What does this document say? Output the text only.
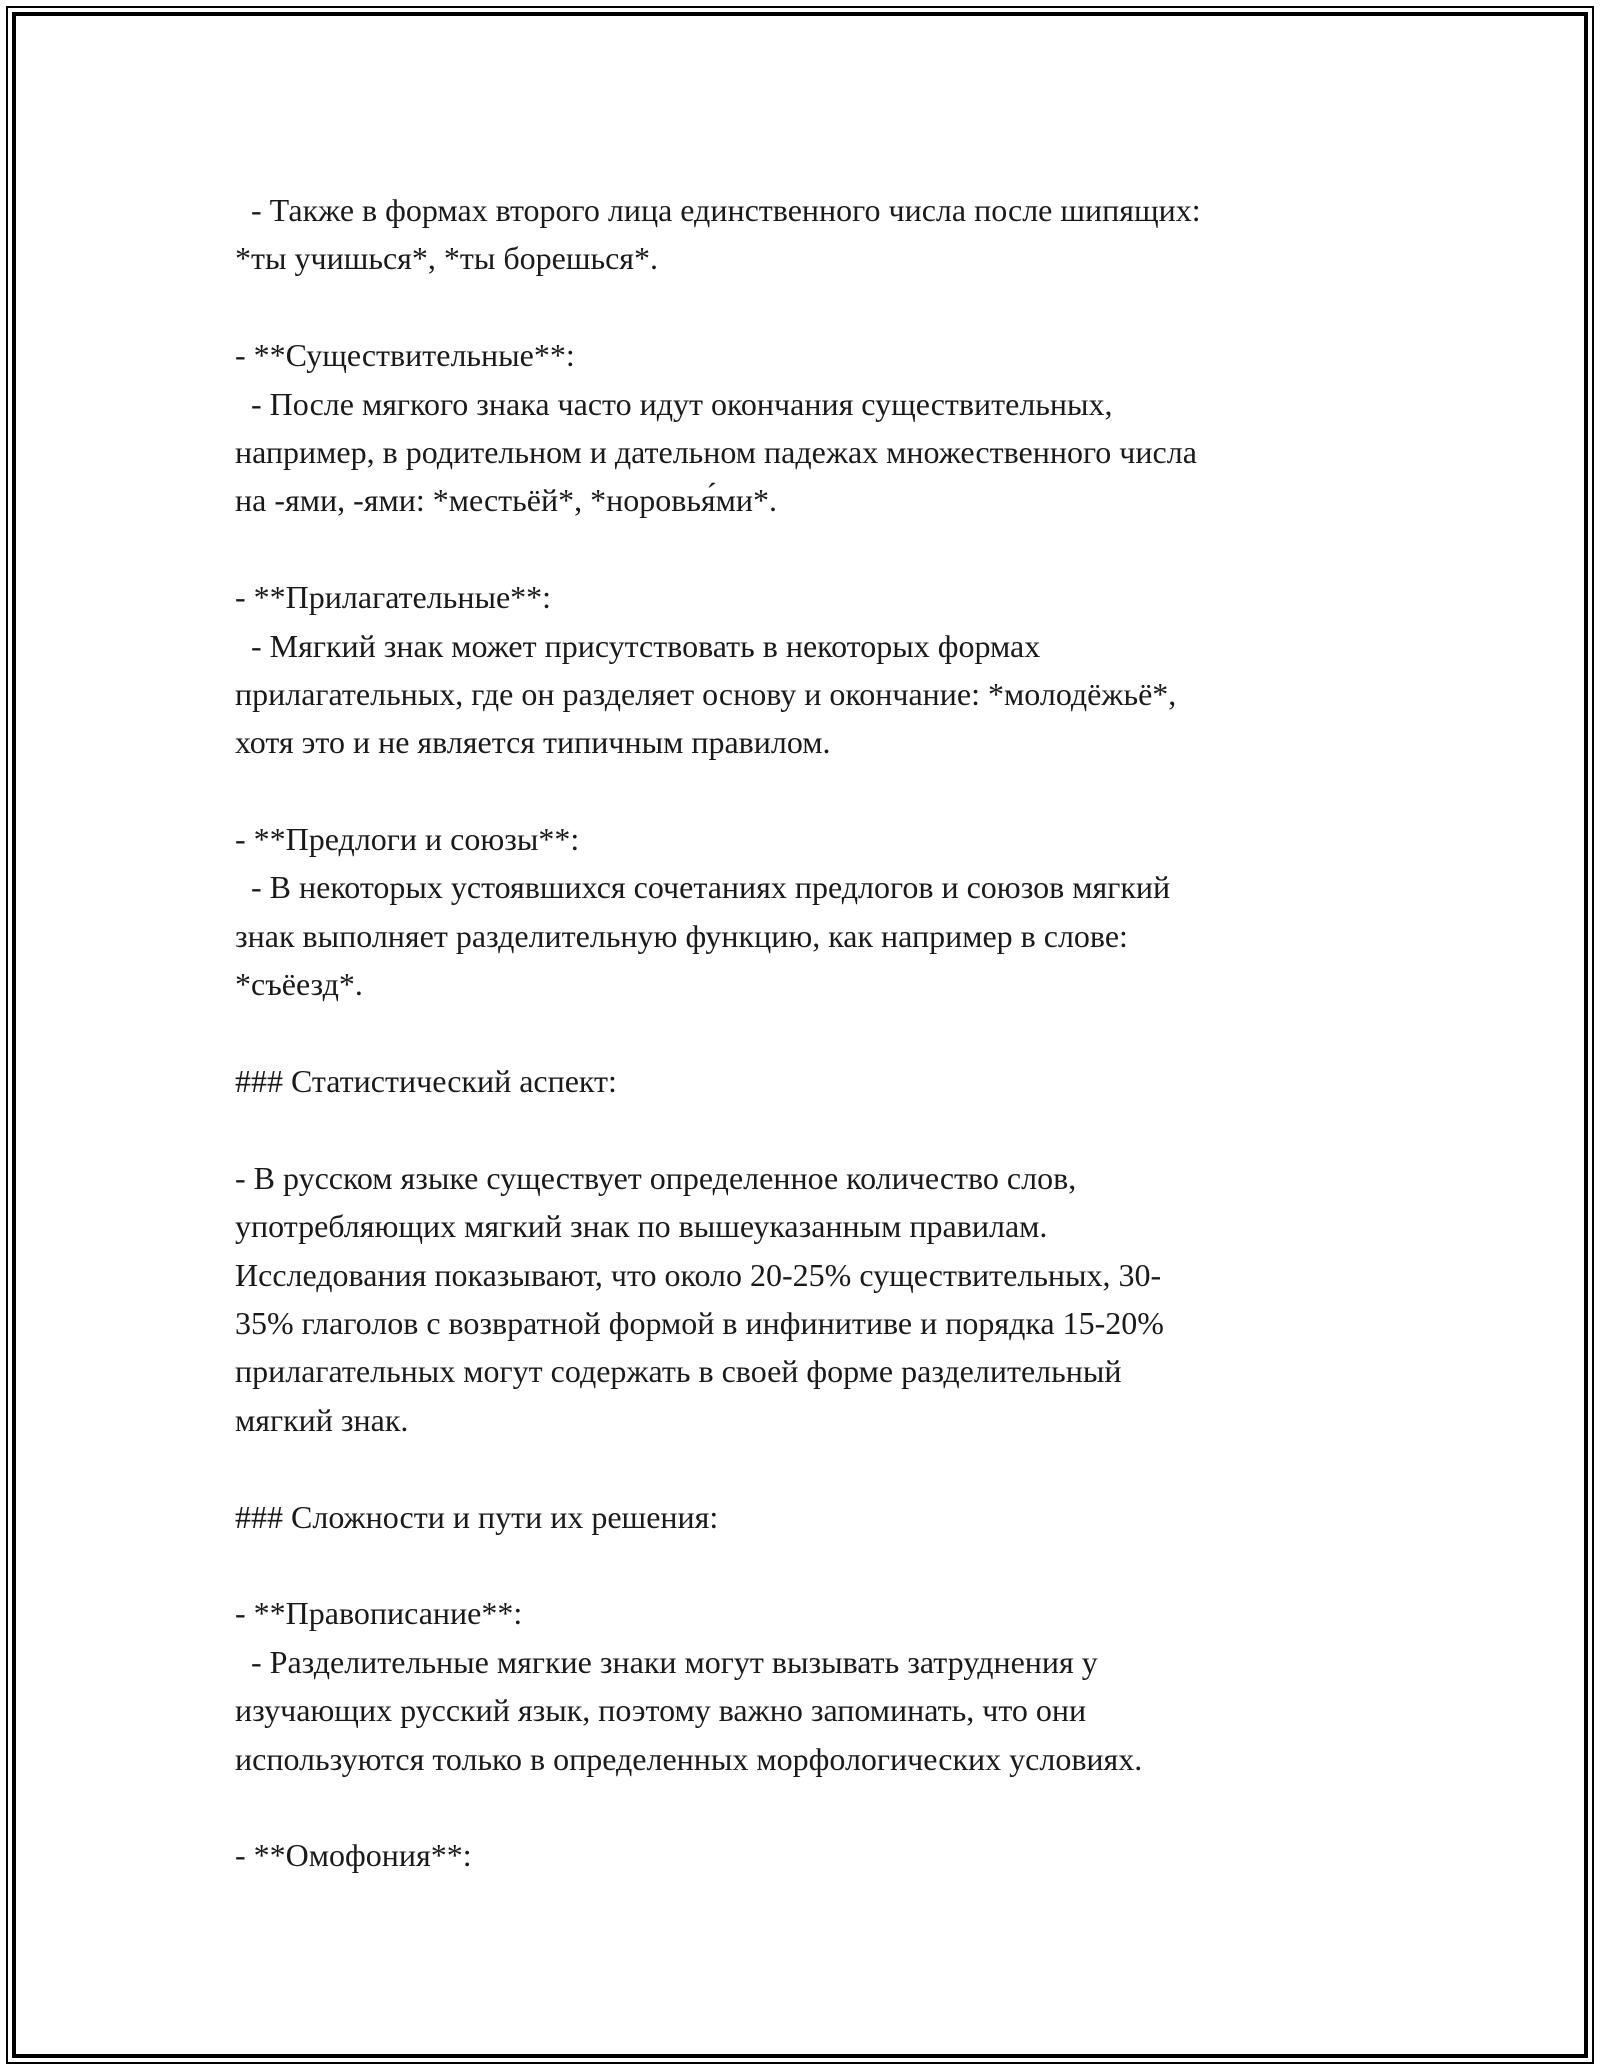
- Также в формах второго лица единственного числа после шипящих:
*ты учишься*, *ты борешься*.
- **Существительные**:
- После мягкого знака часто идут окончания существительных,
например, в родительном и дательном падежах множественного числа
на -ями, -ями: *местьёй*, *норовья́ми*.
- **Прилагательные**:
- Мягкий знак может присутствовать в некоторых формах
прилагательных, где он разделяет основу и окончание: *молодёжьё*,
хотя это и не является типичным правилом.
- **Предлоги и союзы**:
- В некоторых устоявшихся сочетаниях предлогов и союзов мягкий
знак выполняет разделительную функцию, как например в слове:
*съёезд*.
### Статистический аспект:
- В русском языке существует определенное количество слов,
употребляющих мягкий знак по вышеуказанным правилам.
Исследования показывают, что около 20-25% существительных, 30-
35% глаголов с возвратной формой в инфинитиве и порядка 15-20%
прилагательных могут содержать в своей форме разделительный
мягкий знак.
### Сложности и пути их решения:
- **Правописание**:
- Разделительные мягкие знаки могут вызывать затруднения у
изучающих русский язык, поэтому важно запоминать, что они
используются только в определенных морфологических условиях.
- **Омофония**:
